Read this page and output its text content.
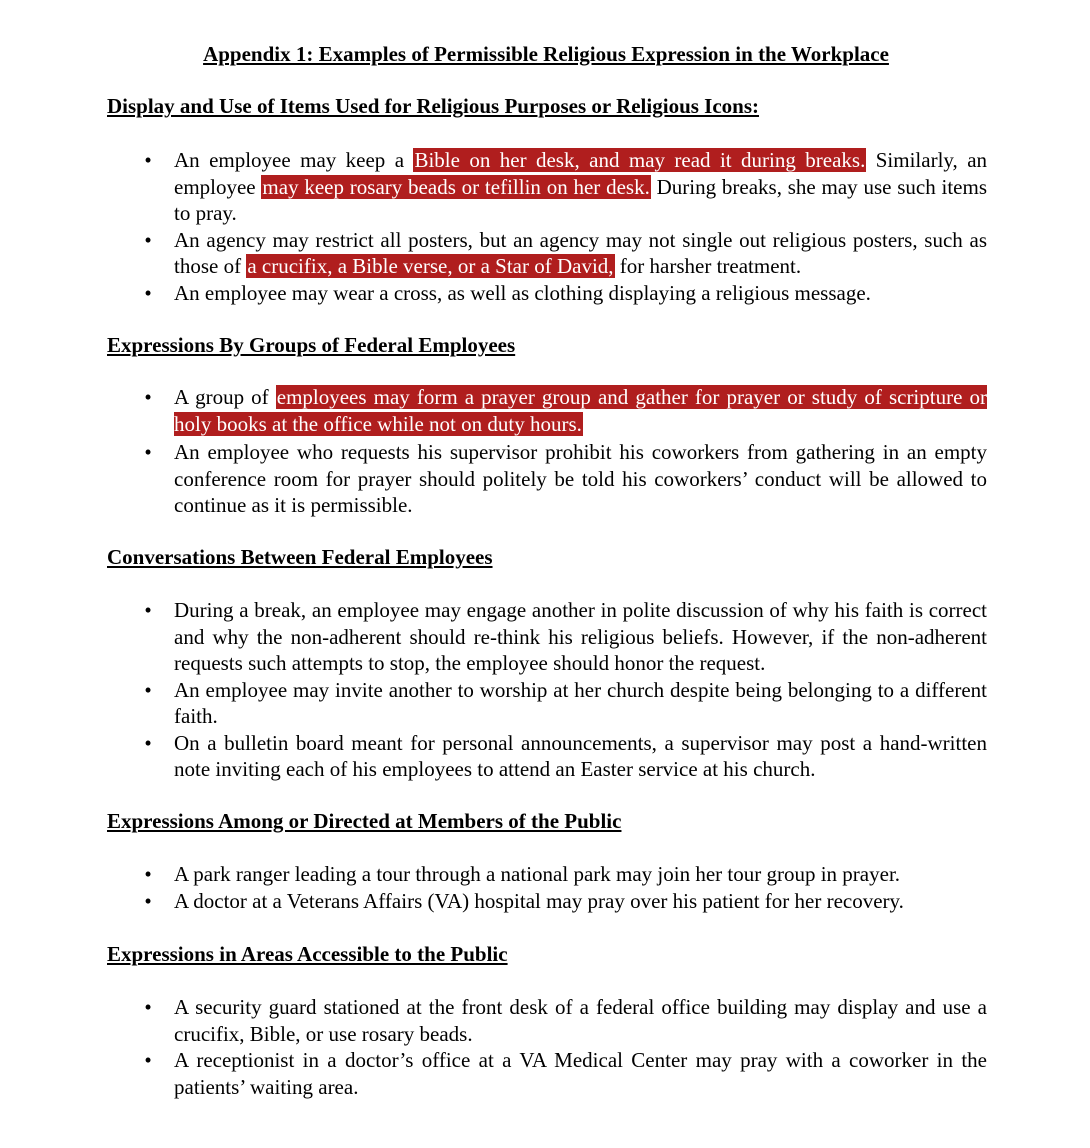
Appendix 1: Examples of Permissible Religious Expression in the Workplace
Display and Use of Items Used for Religious Purposes or Religious Icons:
• An employee may keep a Bible on her desk, and may read it during breaks. Similarly, an employee may keep rosary beads or tefillin on her desk. During breaks, she may use such items to pray.
• An agency may restrict all posters, but an agency may not single out religious posters, such as those of a crucifix, a Bible verse, or a Star of David, for harsher treatment.
• An employee may wear a cross, as well as clothing displaying a religious message.
Expressions By Groups of Federal Employees
• A group of employees may form a prayer group and gather for prayer or study of scripture or holy books at the office while not on duty hours.
• An employee who requests his supervisor prohibit his coworkers from gathering in an empty conference room for prayer should politely be told his coworkers’ conduct will be allowed to continue as it is permissible.
Conversations Between Federal Employees
• During a break, an employee may engage another in polite discussion of why his faith is correct and why the non-adherent should re-think his religious beliefs. However, if the non-adherent requests such attempts to stop, the employee should honor the request.
• An employee may invite another to worship at her church despite being belonging to a different faith.
• On a bulletin board meant for personal announcements, a supervisor may post a hand-written note inviting each of his employees to attend an Easter service at his church.
Expressions Among or Directed at Members of the Public
• A park ranger leading a tour through a national park may join her tour group in prayer.
• A doctor at a Veterans Affairs (VA) hospital may pray over his patient for her recovery.
Expressions in Areas Accessible to the Public
• A security guard stationed at the front desk of a federal office building may display and use a crucifix, Bible, or use rosary beads.
• A receptionist in a doctor’s office at a VA Medical Center may pray with a coworker in the patients’ waiting area.
